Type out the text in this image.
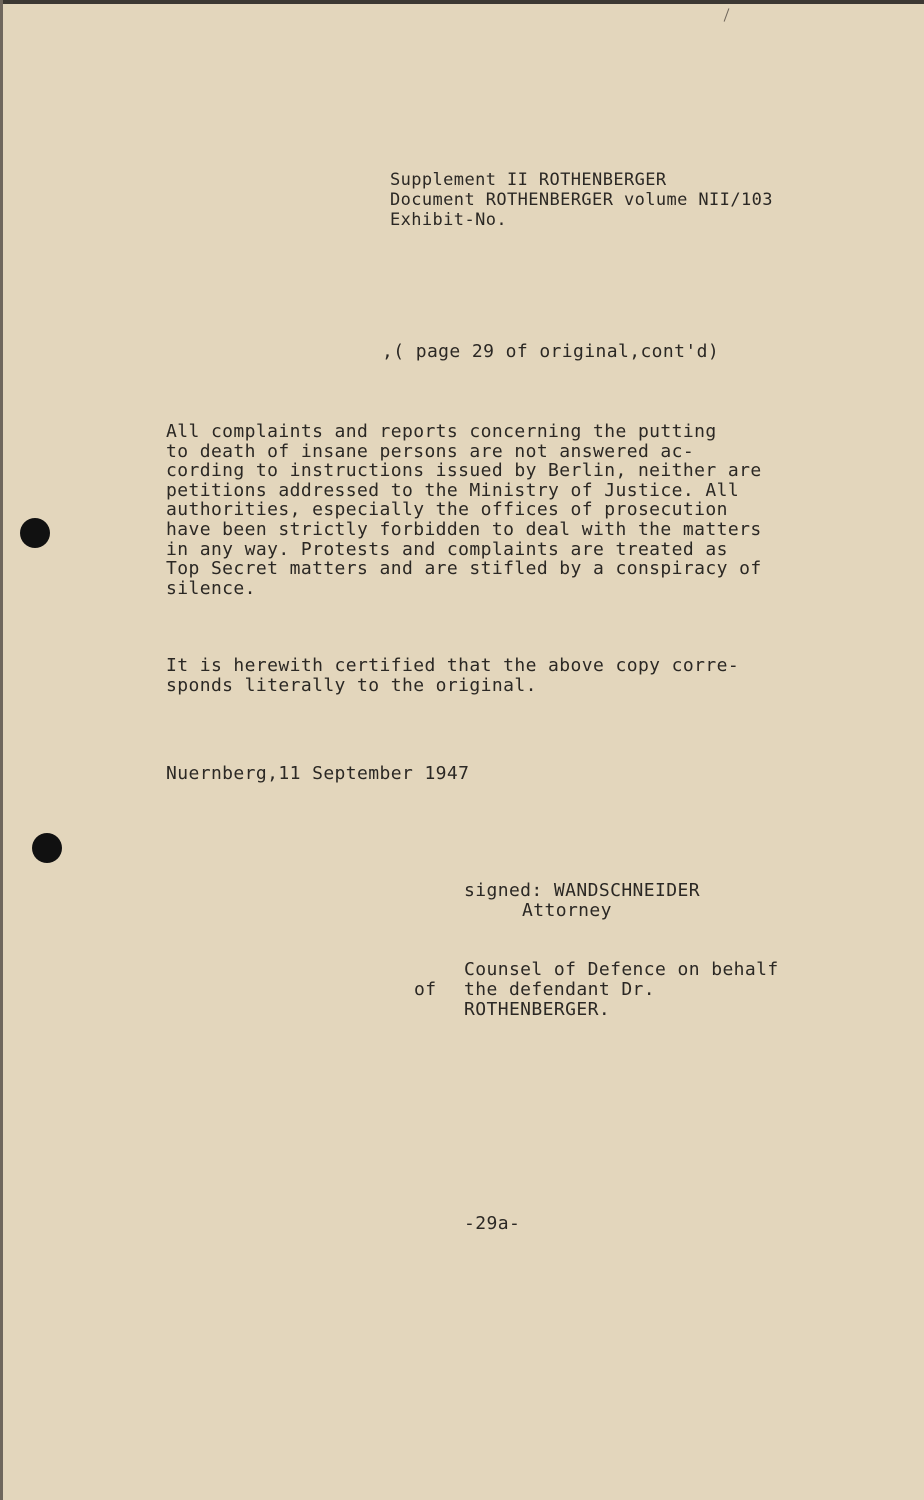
Supplement II ROTHENBERGER
Document ROTHENBERGER volume NII/103
Exhibit-No.
,( page 29 of original,cont'd)
All complaints and reports concerning the putting
to death of insane persons are not answered ac-
cording to instructions issued by Berlin, neither are
petitions addressed to the Ministry of Justice. All
authorities, especially the offices of prosecution
have been strictly forbidden to deal with the matters
in any way. Protests and complaints are treated as
Top Secret matters and are stifled by a conspiracy of
silence.
It is herewith certified that the above copy corre-
sponds literally to the original.
Nuernberg,11 September 1947
signed: WANDSCHNEIDER
Attorney
Counsel of Defence on behalf
the defendant Dr.
ROTHENBERGER.
of
-29a-
